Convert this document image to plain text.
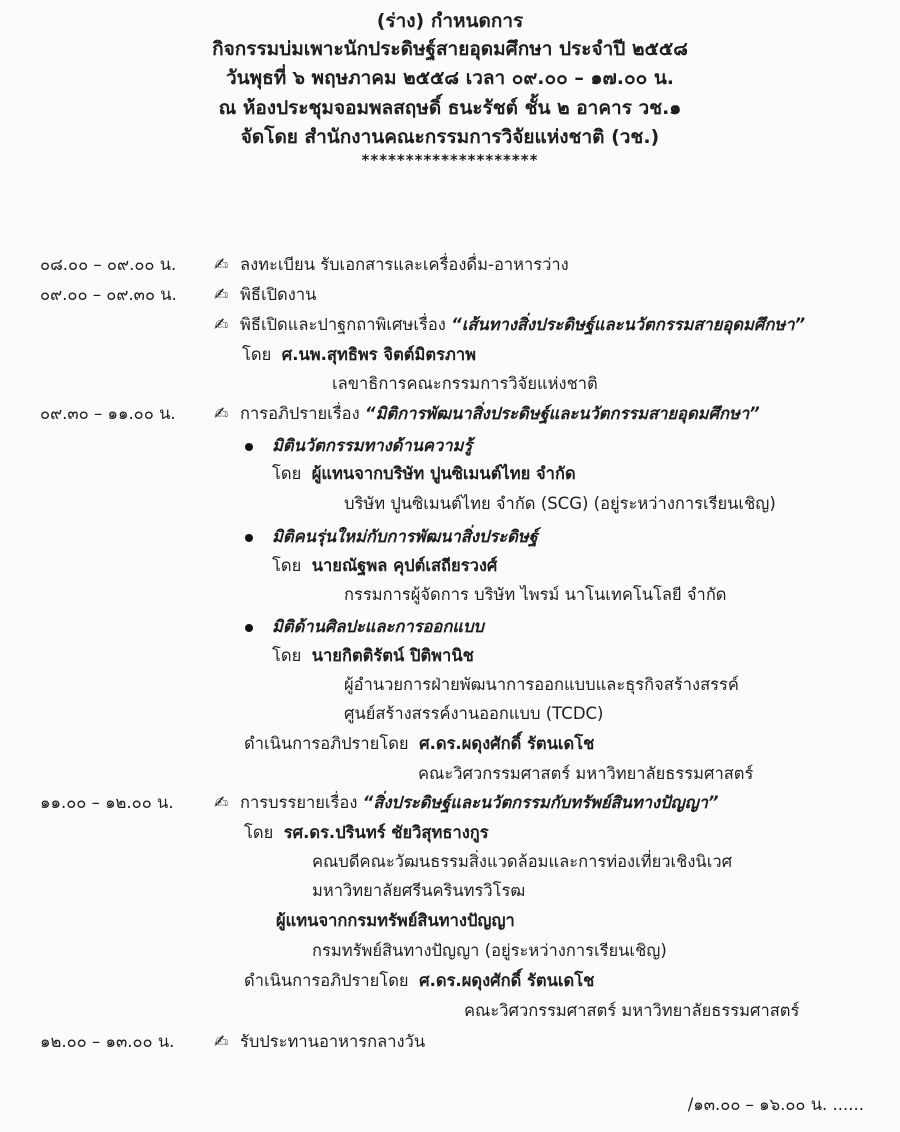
(ร่าง) กำหนดการ
กิจกรรมบ่มเพาะนักประดิษฐ์สายอุดมศึกษา ประจำปี ๒๕๕๘
วันพุธที่ ๖ พฤษภาคม ๒๕๕๘ เวลา ๐๙.๐๐ – ๑๗.๐๐ น.
ณ ห้องประชุมจอมพลสฤษดิ์ ธนะรัชต์ ชั้น ๒ อาคาร วช.๑
จัดโดย สำนักงานคณะกรรมการวิจัยแห่งชาติ (วช.)
********************
๐๘.๐๐ – ๐๙.๐๐ น. ✍ ลงทะเบียน รับเอกสารและเครื่องดื่ม-อาหารว่าง
๐๙.๐๐ – ๐๙.๓๐ น. ✍ พิธีเปิดงาน
✍ พิธีเปิดและปาฐกถาพิเศษเรื่อง “เส้นทางสิ่งประดิษฐ์และนวัตกรรมสายอุดมศึกษา”
โดย ศ.นพ.สุทธิพร จิตต์มิตรภาพ
เลขาธิการคณะกรรมการวิจัยแห่งชาติ
๐๙.๓๐ – ๑๑.๐๐ น. ✍ การอภิปรายเรื่อง “มิติการพัฒนาสิ่งประดิษฐ์และนวัตกรรมสายอุดมศึกษา”
มิตินวัตกรรมทางด้านความรู้
โดย ผู้แทนจากบริษัท ปูนซิเมนต์ไทย จำกัด
บริษัท ปูนซิเมนต์ไทย จำกัด (SCG) (อยู่ระหว่างการเรียนเชิญ)
มิติคนรุ่นใหม่กับการพัฒนาสิ่งประดิษฐ์
โดย นายณัฐพล คุปต์เสถียรวงศ์
กรรมการผู้จัดการ บริษัท ไพรม์ นาโนเทคโนโลยี จำกัด
มิติด้านศิลปะและการออกแบบ
โดย นายกิตติรัตน์ ปิติพานิช
ผู้อำนวยการฝ่ายพัฒนาการออกแบบและธุรกิจสร้างสรรค์
ศูนย์สร้างสรรค์งานออกแบบ (TCDC)
ดำเนินการอภิปรายโดย ศ.ดร.ผดุงศักดิ์ รัตนเดโช
คณะวิศวกรรมศาสตร์ มหาวิทยาลัยธรรมศาสตร์
๑๑.๐๐ – ๑๒.๐๐ น. ✍ การบรรยายเรื่อง “สิ่งประดิษฐ์และนวัตกรรมกับทรัพย์สินทางปัญญา”
โดย รศ.ดร.ปรินทร์ ชัยวิสุทธางกูร
คณบดีคณะวัฒนธรรมสิ่งแวดล้อมและการท่องเที่ยวเชิงนิเวศ
มหาวิทยาลัยศรีนครินทรวิโรฒ
ผู้แทนจากกรมทรัพย์สินทางปัญญา
กรมทรัพย์สินทางปัญญา (อยู่ระหว่างการเรียนเชิญ)
ดำเนินการอภิปรายโดย ศ.ดร.ผดุงศักดิ์ รัตนเดโช
คณะวิศวกรรมศาสตร์ มหาวิทยาลัยธรรมศาสตร์
๑๒.๐๐ – ๑๓.๐๐ น. ✍ รับประทานอาหารกลางวัน
/๑๓.๐๐ – ๑๖.๐๐ น. ......
